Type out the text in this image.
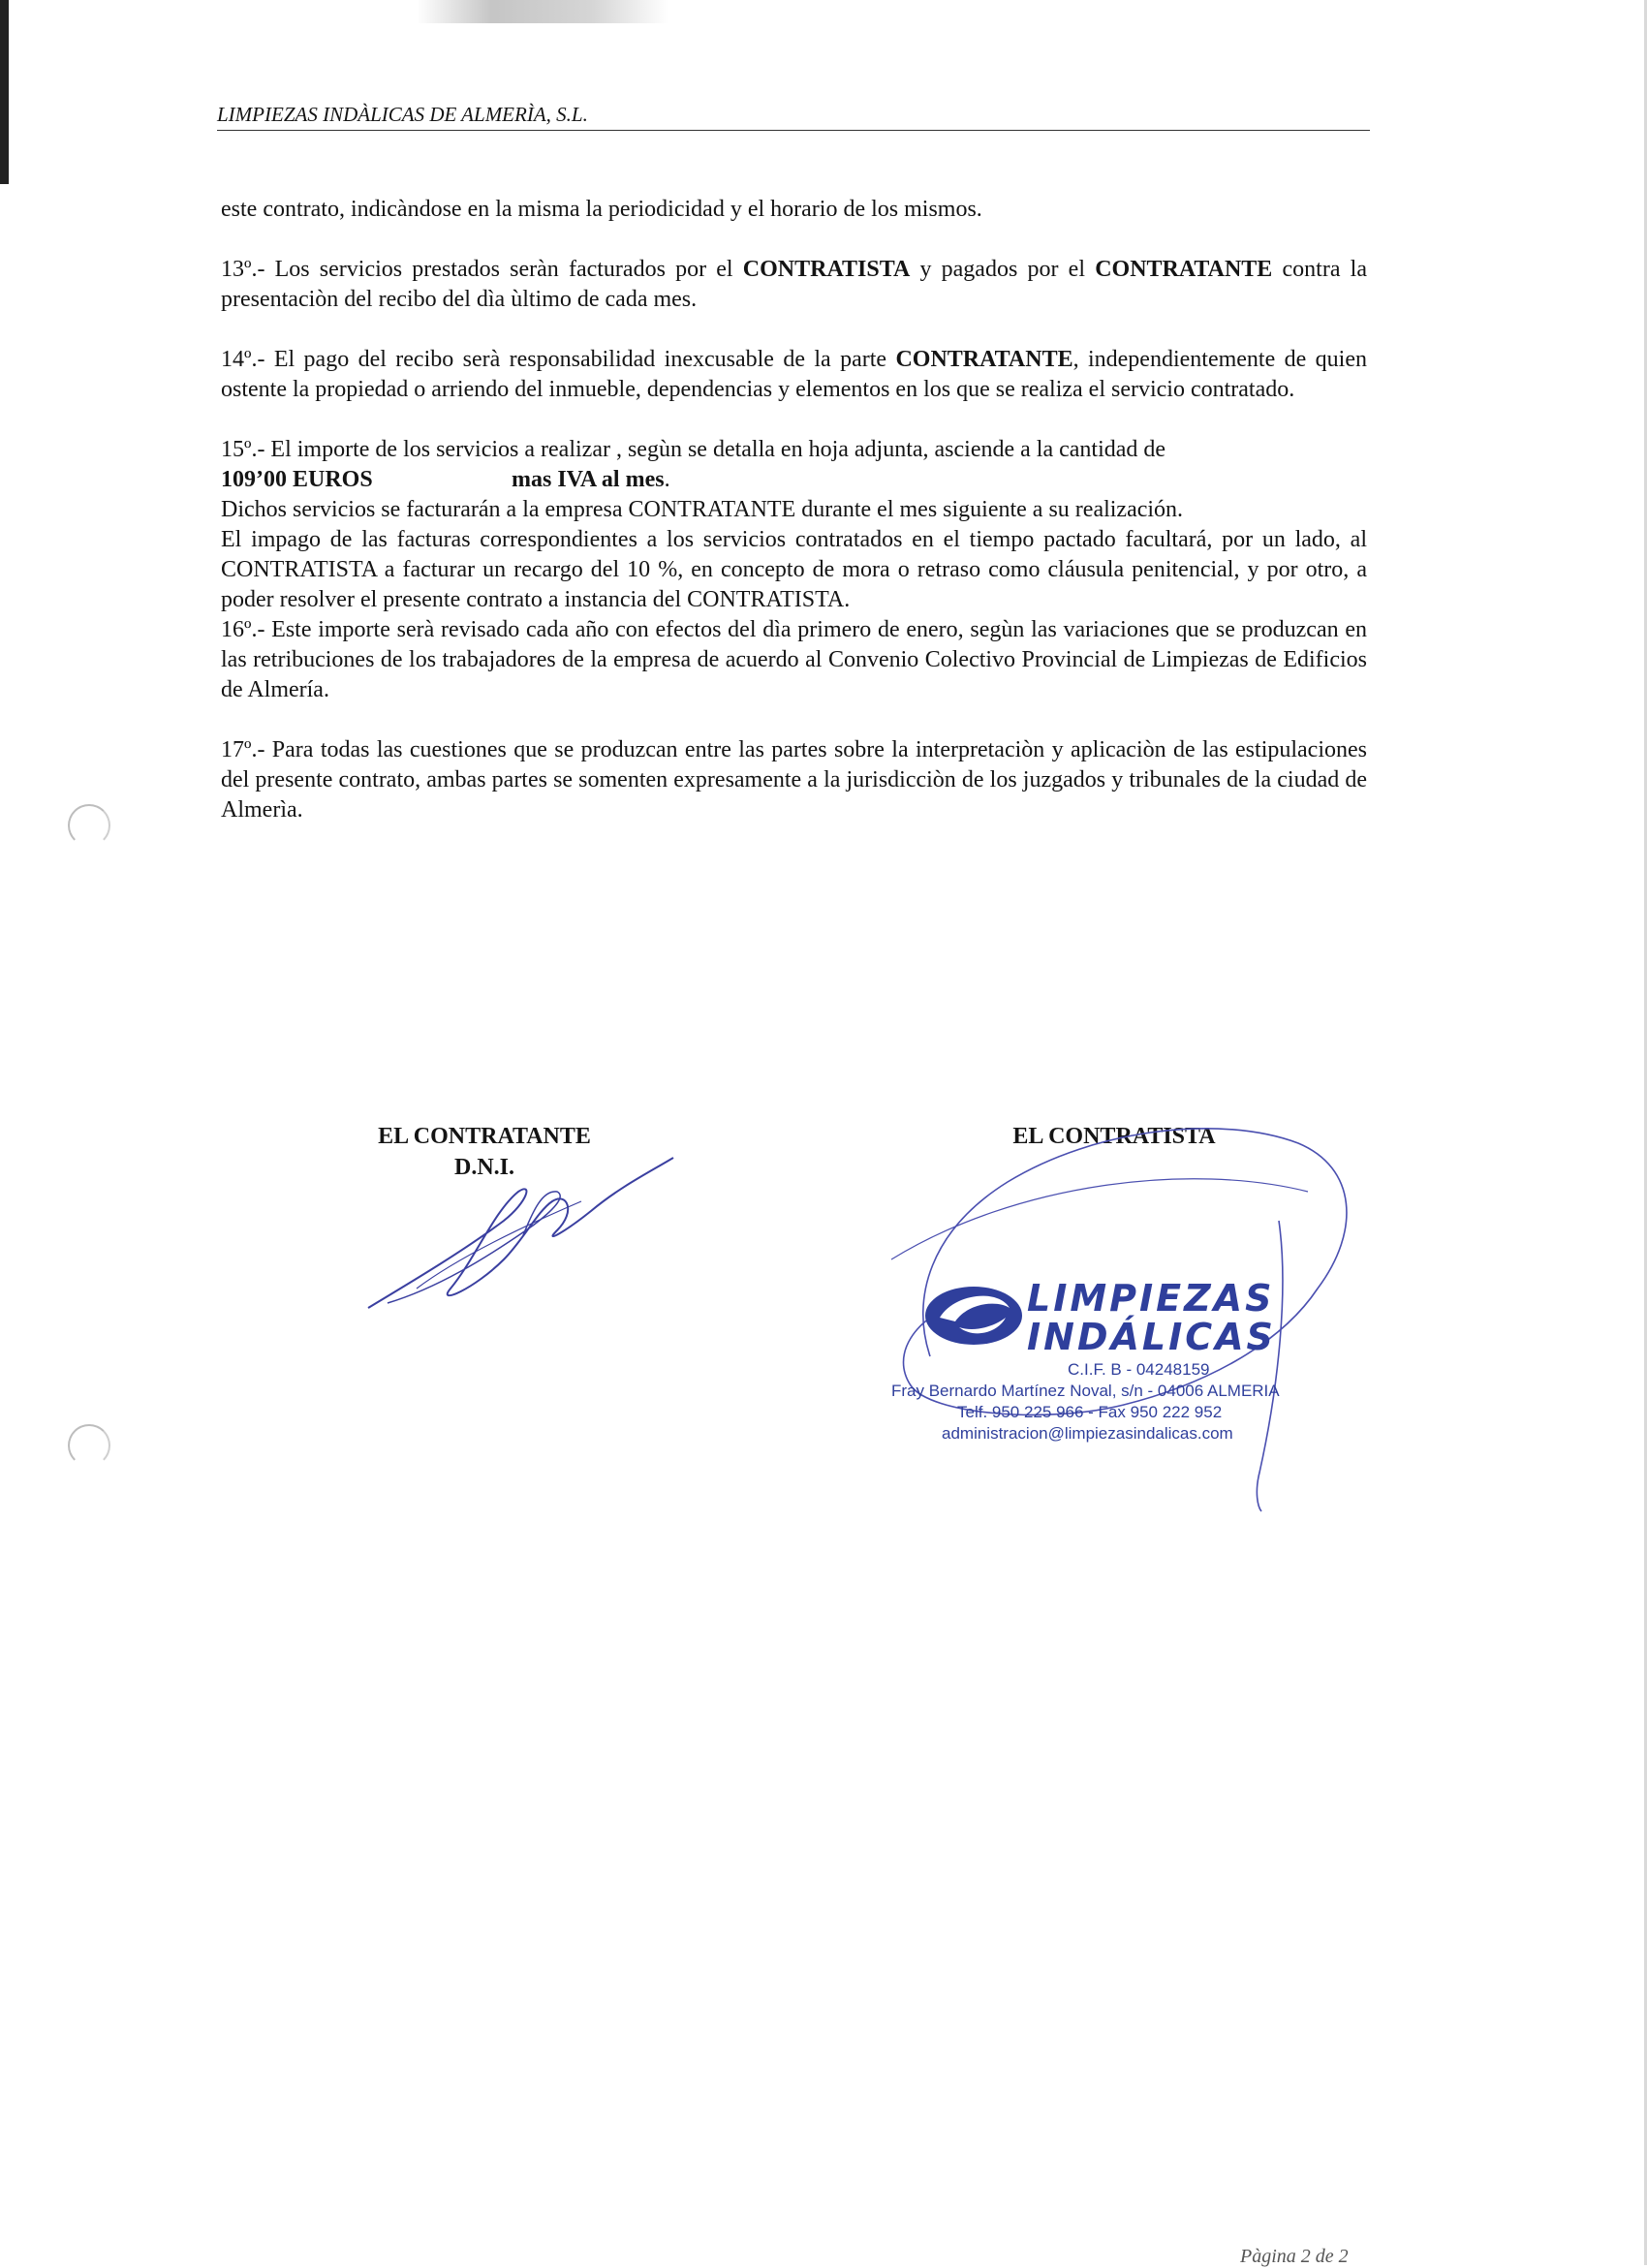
LIMPIEZAS INDÀLICAS DE ALMERÌA, S.L.

este contrato, indicàndose en la misma la periodicidad y el horario de los mismos.

13º.- Los servicios prestados seràn facturados por el CONTRATISTA y pagados por el CONTRATANTE contra la presentaciòn del recibo del dìa ùltimo de cada mes.

14º.- El pago del recibo serà responsabilidad inexcusable de la parte CONTRATANTE, independientemente de quien ostente la propiedad o arriendo del inmueble, dependencias y elementos en los que se realiza el servicio contratado.

15º.- El importe de los servicios a realizar , segùn se detalla en hoja adjunta, asciende a la cantidad de
109’00 EUROS	mas IVA al mes.

Dichos servicios se facturarán a la empresa CONTRATANTE durante el mes siguiente a su realización.

El impago de las facturas correspondientes a los servicios contratados en el tiempo pactado facultará, por un lado, al CONTRATISTA a facturar un recargo del 10 %, en concepto de mora o retraso como cláusula penitencial, y por otro, a poder resolver el presente contrato a instancia del CONTRATISTA.

16º.- Este importe serà revisado cada año con efectos del dìa primero de enero, segùn las variaciones que se produzcan en las retribuciones de los trabajadores de la empresa de acuerdo al Convenio Colectivo Provincial de Limpiezas de Edificios de Almería.

17º.- Para todas las cuestiones que se produzcan entre las partes sobre la interpretaciòn y aplicaciòn de las estipulaciones del presente contrato, ambas partes se somenten expresamente a la jurisdicciòn de los juzgados y tribunales de la ciudad de Almerìa.

EL CONTRATANTE
D.N.I.
EL CONTRATISTA
LIMPIEZAS
INDÁLICAS
C.I.F. B - 04248159
Fray Bernardo Martínez Noval, s/n - 04006 ALMERIA
Telf. 950 225 966 - Fax 950 222 952
administracion@limpiezasindalicas.com
Pàgina 2 de 2
